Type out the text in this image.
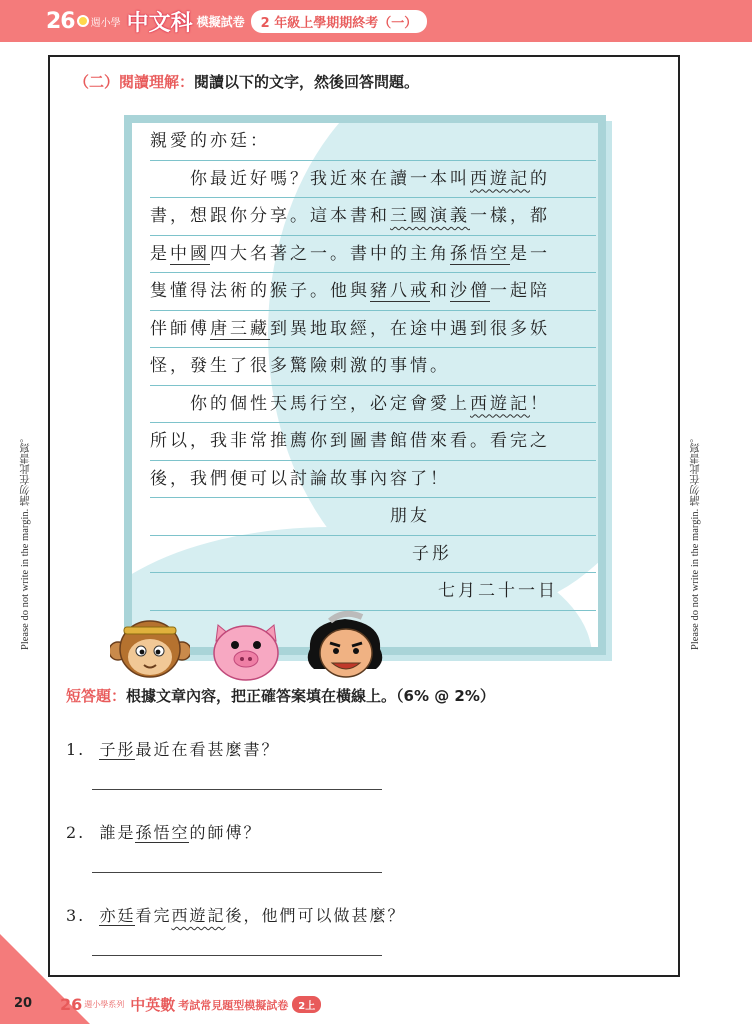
26 週小學 中文科 模擬試卷	2 年級上學期期終考（一）
Please do not write in the margin. 請勿在此書寫。
Please do not write in the margin. 請勿在此書寫。
（二）閱讀理解：閱讀以下的文字，然後回答問題。
親愛的亦廷：
你最近好嗎？我近來在讀一本叫西遊記的
書，想跟你分享。這本書和三國演義一樣，都
是中國四大名著之一。書中的主角孫悟空是一
隻懂得法術的猴子。他與豬八戒和沙僧一起陪
伴師傅唐三藏到異地取經，在途中遇到很多妖
怪，發生了很多驚險刺激的事情。
你的個性天馬行空，必定會愛上西遊記！
所以，我非常推薦你到圖書館借來看。看完之
後，我們便可以討論故事內容了！
朋友
子彤
七月二十一日
短答題：根據文章內容，把正確答案填在橫線上。（6% @ 2%）
1. 子彤最近在看甚麼書？
2. 誰是孫悟空的師傅？
3. 亦廷看完西遊記後，他們可以做甚麼？
20 26 週小學系列 中英數 考試常見題型模擬試卷	2上
